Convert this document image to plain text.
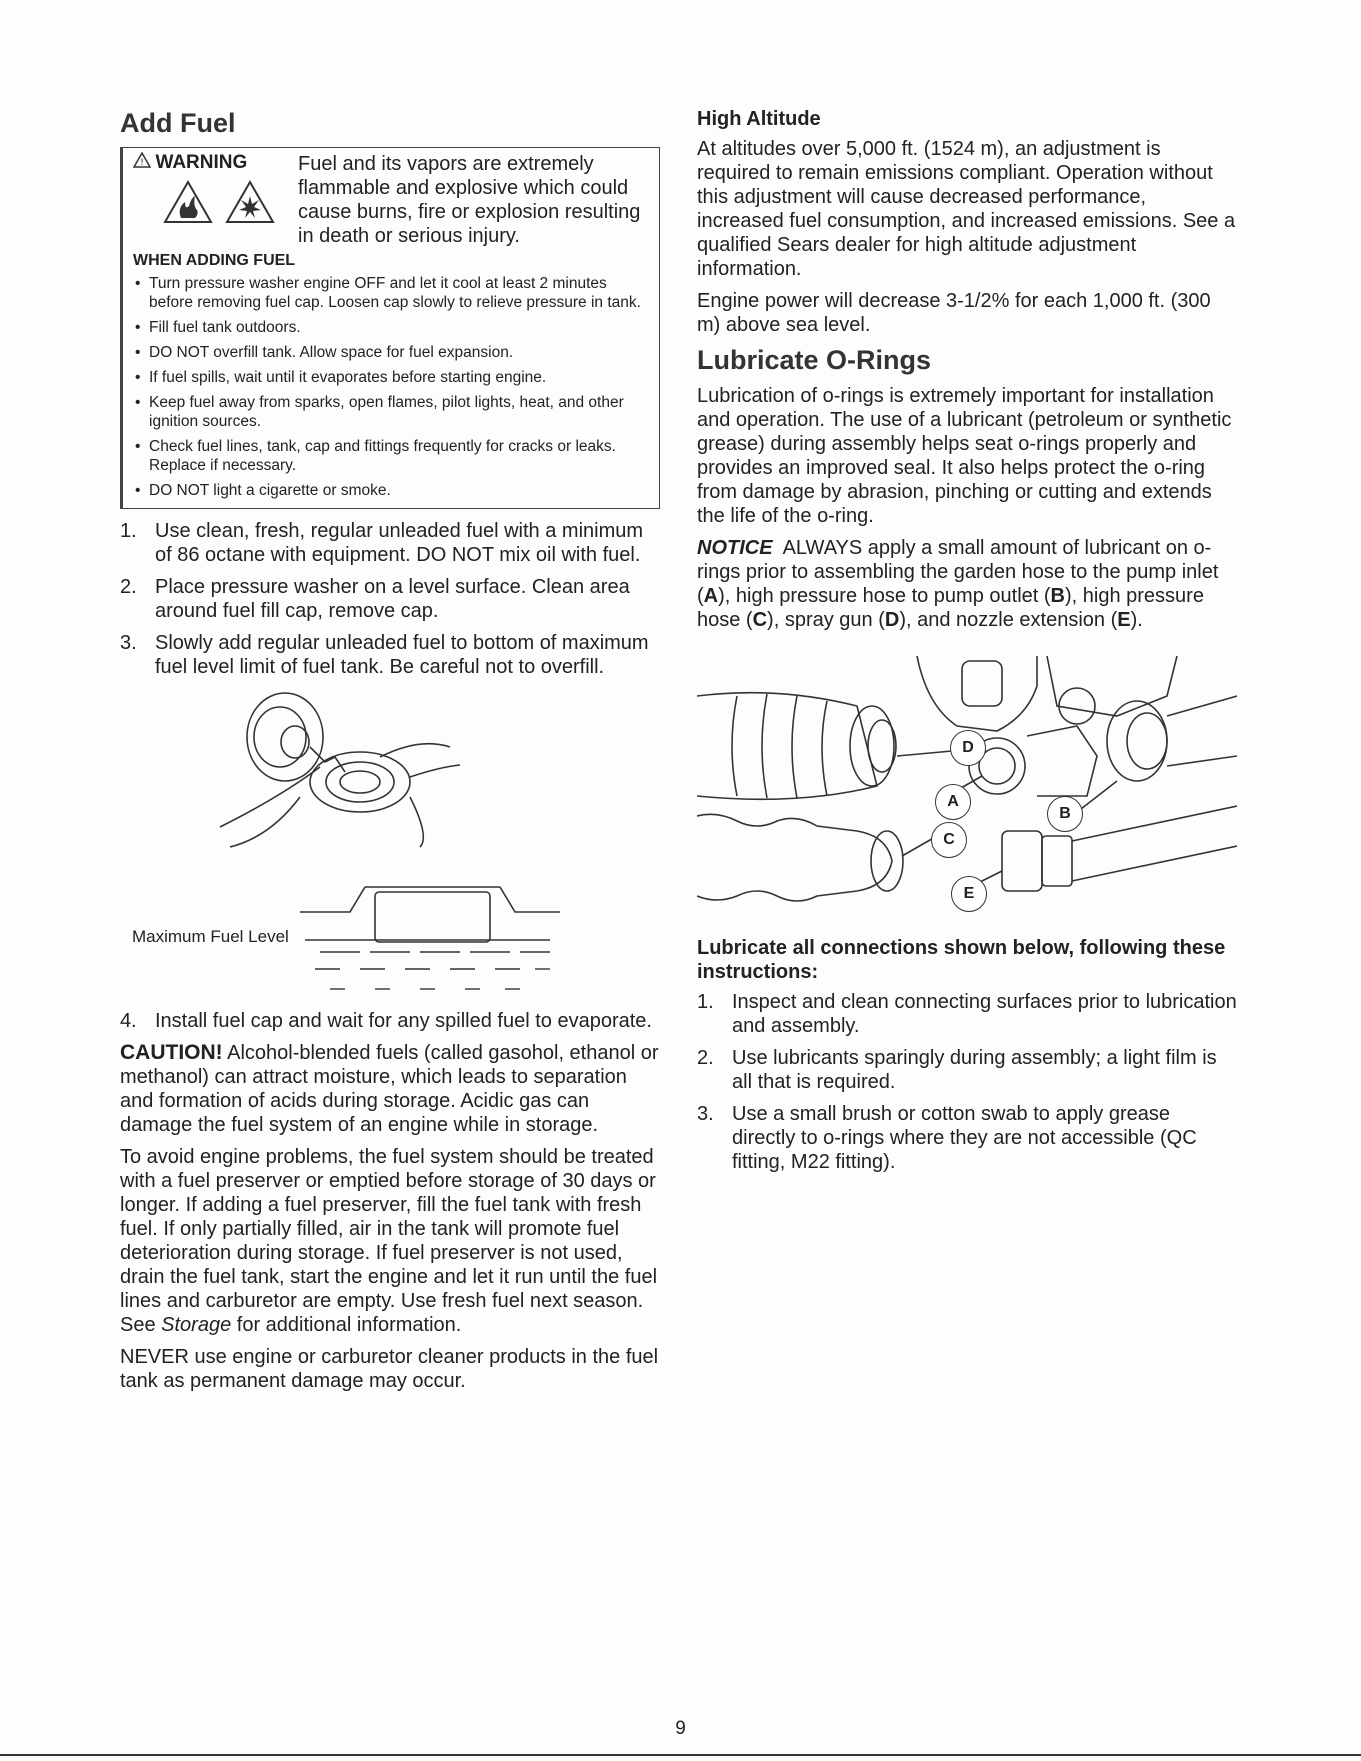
Add Fuel
! WARNING	Fuel and its vapors are extremely flammable and explosive which could cause burns, fire or explosion resulting in death or serious injury.
WHEN ADDING FUEL
• Turn pressure washer engine OFF and let it cool at least 2 minutes before removing fuel cap. Loosen cap slowly to relieve pressure in tank.
• Fill fuel tank outdoors.
• DO NOT overfill tank. Allow space for fuel expansion.
• If fuel spills, wait until it evaporates before starting engine.
• Keep fuel away from sparks, open flames, pilot lights, heat, and other ignition sources.
• Check fuel lines, tank, cap and fittings frequently for cracks or leaks. Replace if necessary.
• DO NOT light a cigarette or smoke.
1. Use clean, fresh, regular unleaded fuel with a minimum of 86 octane with equipment. DO NOT mix oil with fuel.
2. Place pressure washer on a level surface. Clean area around fuel fill cap, remove cap.
3. Slowly add regular unleaded fuel to bottom of maximum fuel level limit of fuel tank. Be careful not to overfill.
Maximum Fuel Level
4. Install fuel cap and wait for any spilled fuel to evaporate.
CAUTION! Alcohol-blended fuels (called gasohol, ethanol or methanol) can attract moisture, which leads to separation and formation of acids during storage. Acidic gas can damage the fuel system of an engine while in storage.
To avoid engine problems, the fuel system should be treated with a fuel preserver or emptied before storage of 30 days or longer. If adding a fuel preserver, fill the fuel tank with fresh fuel. If only partially filled, air in the tank will promote fuel deterioration during storage. If fuel preserver is not used, drain the fuel tank, start the engine and let it run until the fuel lines and carburetor are empty. Use fresh fuel next season. See Storage for additional information.
NEVER use engine or carburetor cleaner products in the fuel tank as permanent damage may occur.
High Altitude
At altitudes over 5,000 ft. (1524 m), an adjustment is required to remain emissions compliant. Operation without this adjustment will cause decreased performance, increased fuel consumption, and increased emissions. See a qualified Sears dealer for high altitude adjustment information.
Engine power will decrease 3-1/2% for each 1,000 ft. (300 m) above sea level.
Lubricate O-Rings
Lubrication of o-rings is extremely important for installation and operation. The use of a lubricant (petroleum or synthetic grease) during assembly helps seat o-rings properly and provides an improved seal. It also helps protect the o-ring from damage by abrasion, pinching or cutting and extends the life of the o-ring.
NOTICE ALWAYS apply a small amount of lubricant on o-rings prior to assembling the garden hose to the pump inlet (A), high pressure hose to pump outlet (B), high pressure hose (C), spray gun (D), and nozzle extension (E).
D
A
B
C
E
Lubricate all connections shown below, following these instructions:
1. Inspect and clean connecting surfaces prior to lubrication and assembly.
2. Use lubricants sparingly during assembly; a light film is all that is required.
3. Use a small brush or cotton swab to apply grease directly to o-rings where they are not accessible (QC fitting, M22 fitting).
9
